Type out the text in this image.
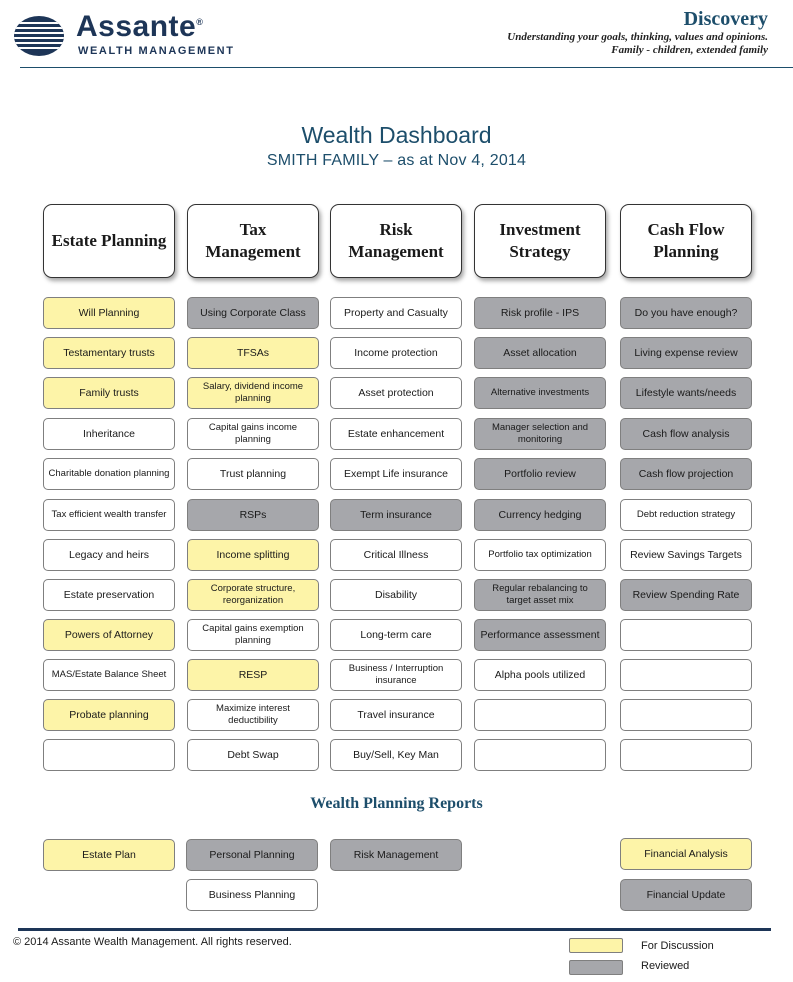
Assante®
WEALTH MANAGEMENT
Discovery
Understanding your goals, thinking, values and opinions.
Family - children, extended family
Wealth Dashboard
SMITH FAMILY – as at Nov 4, 2014
Estate Planning
Tax Management
Risk Management
Investment Strategy
Cash Flow Planning
Will Planning
Testamentary trusts
Family trusts
Inheritance
Charitable donation planning
Tax efficient wealth transfer
Legacy and heirs
Estate preservation
Powers of Attorney
MAS/Estate Balance Sheet
Probate planning
Using Corporate Class
TFSAs
Salary, dividend income planning
Capital gains income planning
Trust planning
RSPs
Income splitting
Corporate structure, reorganization
Capital gains exemption planning
RESP
Maximize interest deductibility
Debt Swap
Property and Casualty
Income protection
Asset protection
Estate enhancement
Exempt Life insurance
Term insurance
Critical Illness
Disability
Long-term care
Business / Interruption insurance
Travel insurance
Buy/Sell, Key Man
Risk profile - IPS
Asset allocation
Alternative investments
Manager selection and monitoring
Portfolio review
Currency hedging
Portfolio tax optimization
Regular rebalancing to target asset mix
Performance assessment
Alpha pools utilized
Do you have enough?
Living expense review
Lifestyle wants/needs
Cash flow analysis
Cash flow projection
Debt reduction strategy
Review Savings Targets
Review Spending Rate
Wealth Planning Reports
Estate Plan	Personal Planning
Business Planning
Risk Management	Financial Analysis
Financial Update
© 2014 Assante Wealth Management. All rights reserved.	For Discussion
Reviewed
